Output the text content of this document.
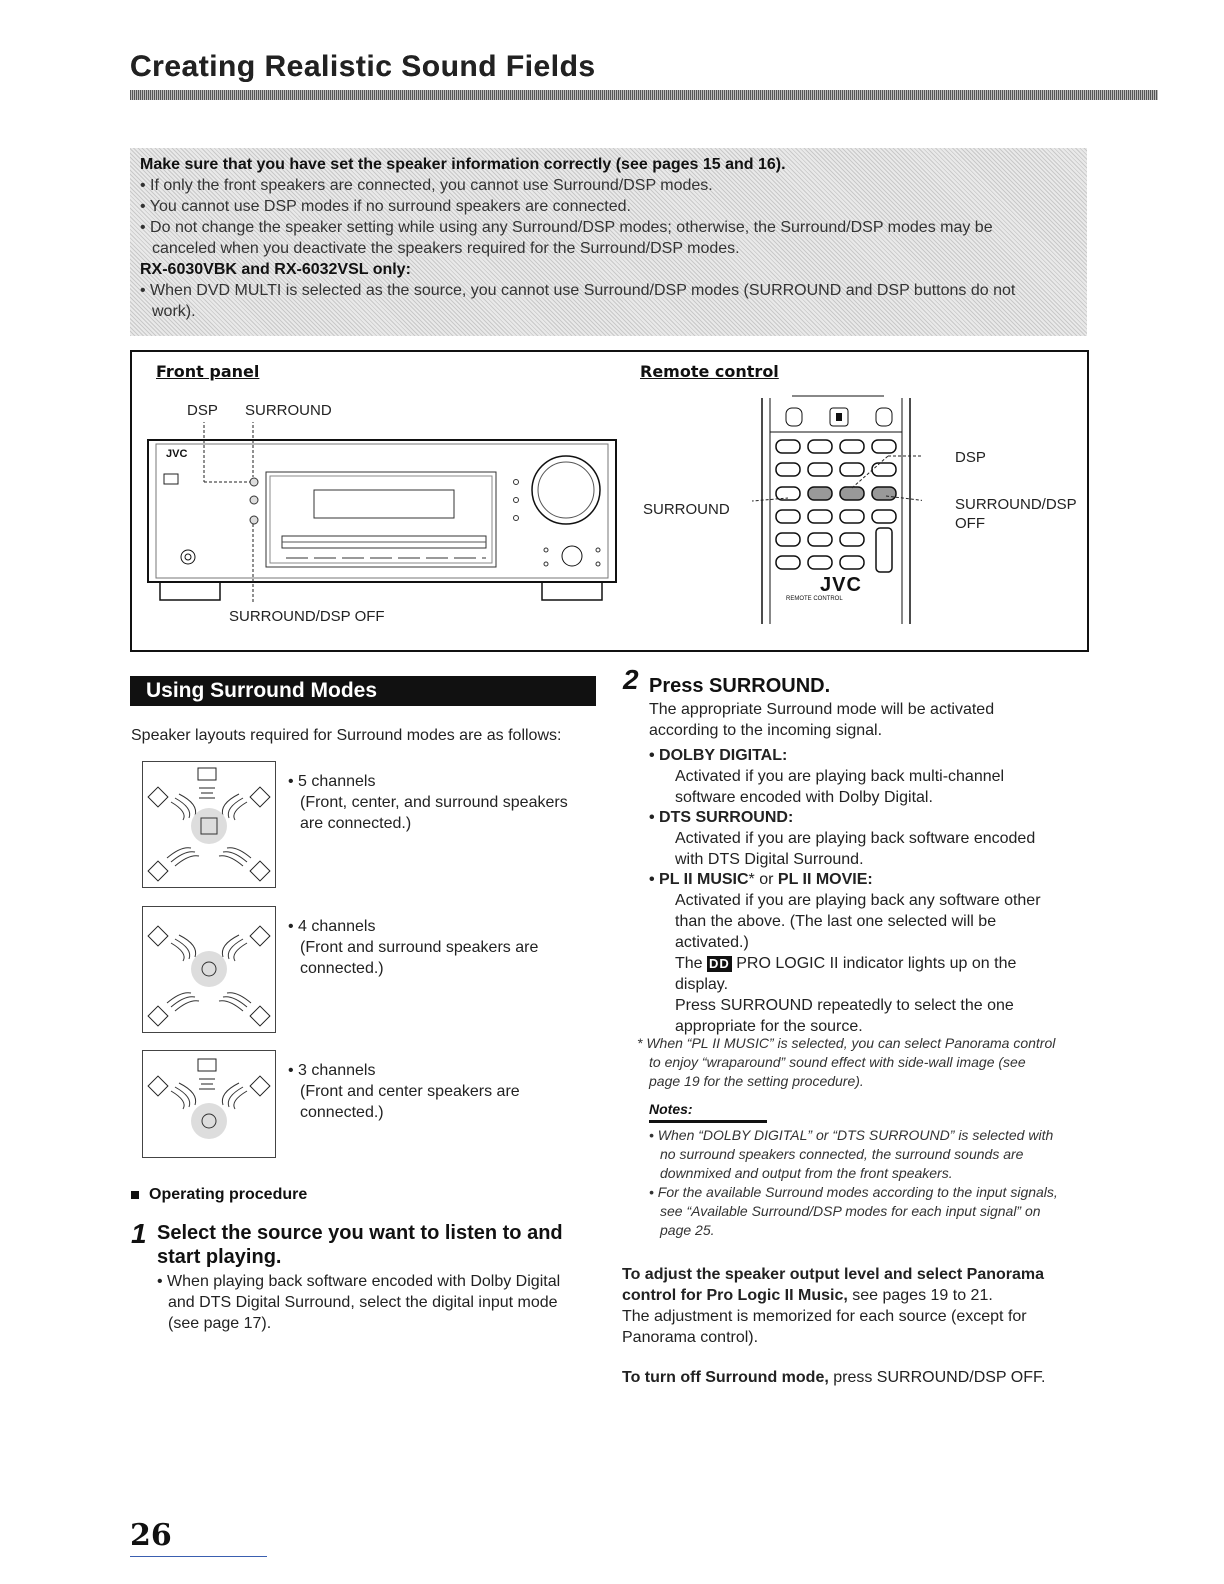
Creating Realistic Sound Fields

Make sure that you have set the speaker information correctly (see pages 15 and 16).

• If only the front speakers are connected, you cannot use Surround/DSP modes.

• You cannot use DSP modes if no surround speakers are connected.

• Do not change the speaker setting while using any Surround/DSP modes; otherwise, the Surround/DSP modes may be

canceled when you deactivate the speakers required for the Surround/DSP modes.

RX-6030VBK and RX-6032VSL only:

• When DVD MULTI is selected as the source, you cannot use Surround/DSP modes (SURROUND and DSP buttons do not

work).

Front panel	Remote control
DSP SURROUND
SURROUND/DSP OFF
JVC
JVC
REMOTE CONTROL
DSP
SURROUND	SURROUND/DSP
OFF
Using Surround Modes
Speaker layouts required for Surround modes are as follows:
• 5 channels
(Front, center, and surround speakers
are connected.)
• 4 channels
(Front and surround speakers are
connected.)
• 3 channels
(Front and center speakers are
connected.)
Operating procedure
1 Select the source you want to listen to and
start playing.
• When playing back software encoded with Dolby Digital
and DTS Digital Surround, select the digital input mode
(see page 17).
2 Press SURROUND.
The appropriate Surround mode will be activated
according to the incoming signal.
• DOLBY DIGITAL:
Activated if you are playing back multi-channel
software encoded with Dolby Digital.
• DTS SURROUND:
Activated if you are playing back software encoded
with DTS Digital Surround.
• PL II MUSIC* or PL II MOVIE:
Activated if you are playing back any software other
than the above. (The last one selected will be
activated.)
The DD PRO LOGIC II indicator lights up on the
display.
Press SURROUND repeatedly to select the one
appropriate for the source.
* When “PL II MUSIC” is selected, you can select Panorama control
to enjoy “wraparound” sound effect with side-wall image (see
page 19 for the setting procedure).
Notes:
• When “DOLBY DIGITAL” or “DTS SURROUND” is selected with
no surround speakers connected, the surround sounds are
downmixed and output from the front speakers.
• For the available Surround modes according to the input signals,
see “Available Surround/DSP modes for each input signal” on
page 25.
To adjust the speaker output level and select Panorama
control for Pro Logic II Music, see pages 19 to 21.
The adjustment is memorized for each source (except for
Panorama control).
To turn off Surround mode, press SURROUND/DSP OFF.
26
